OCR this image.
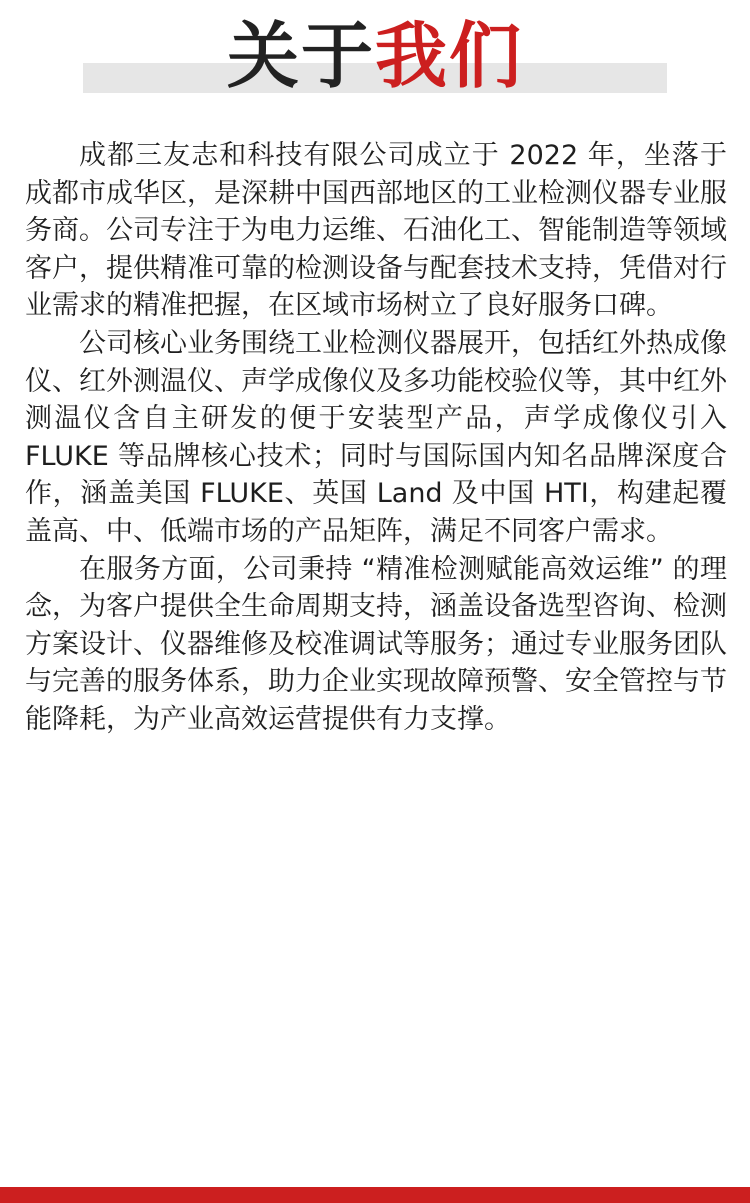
关于我们

成都三友志和科技有限公司成立于 2022 年，坐落于成都市成华区，是深耕中国西部地区的工业检测仪器专业服务商。公司专注于为电力运维、石油化工、智能制造等领域客户，提供精准可靠的检测设备与配套技术支持，凭借对行业需求的精准把握，在区域市场树立了良好服务口碑。

公司核心业务围绕工业检测仪器展开，包括红外热成像仪、红外测温仪、声学成像仪及多功能校验仪等，其中红外测温仪含自主研发的便于安装型产品，声学成像仪引入FLUKE 等品牌核心技术；同时与国际国内知名品牌深度合作，涵盖美国 FLUKE、英国 Land 及中国 HTI，构建起覆盖高、中、低端市场的产品矩阵，满足不同客户需求。

在服务方面，公司秉持 “精准检测赋能高效运维” 的理念，为客户提供全生命周期支持，涵盖设备选型咨询、检测方案设计、仪器维修及校准调试等服务；通过专业服务团队与完善的服务体系，助力企业实现故障预警、安全管控与节能降耗，为产业高效运营提供有力支撑。
